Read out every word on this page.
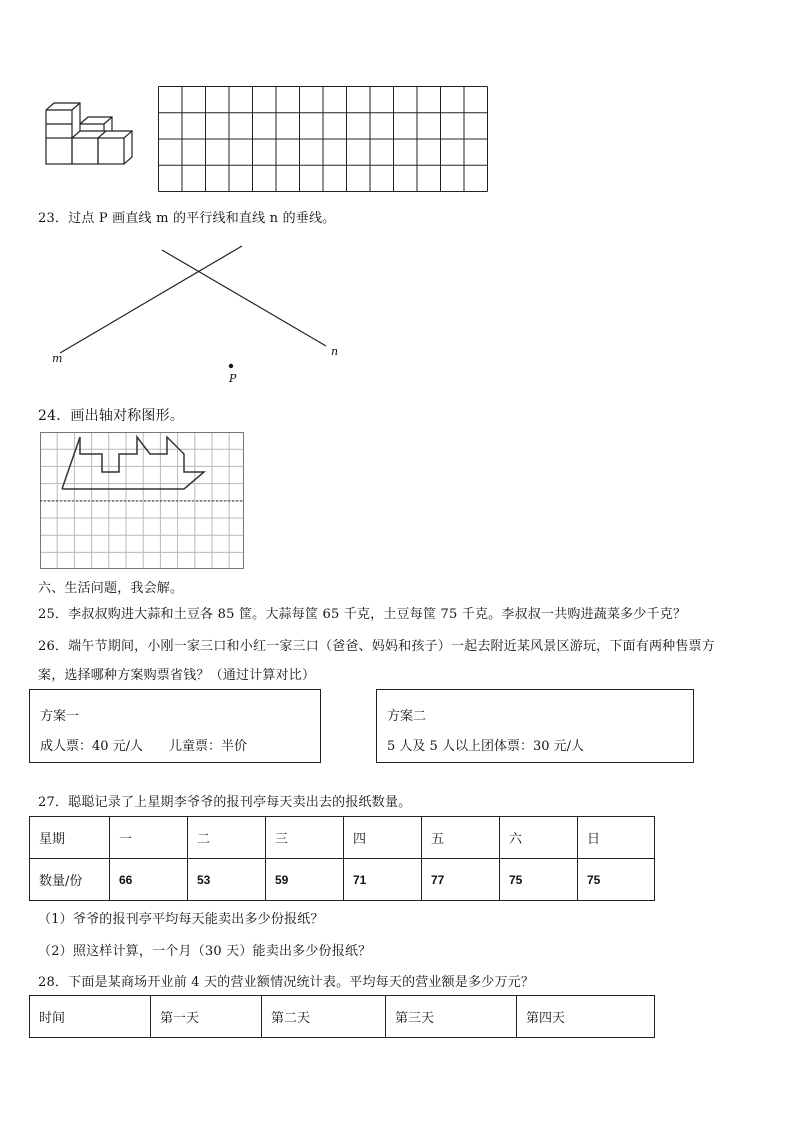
23．过点 P 画直线 m 的平行线和直线 n 的垂线。
m
n
P
24．画出轴对称图形。
六、生活问题，我会解。
25．李叔叔购进大蒜和土豆各 85 筐。大蒜每筐 65 千克，土豆每筐 75 千克。李叔叔一共购进蔬菜多少千克？
26．端午节期间，小刚一家三口和小红一家三口（爸爸、妈妈和孩子）一起去附近某风景区游玩，下面有两种售票方
案，选择哪种方案购票省钱？（通过计算对比）
方案一
成人票：40 元/人　　儿童票：半价
方案二
5 人及 5 人以上团体票：30 元/人
27．聪聪记录了上星期李爷爷的报刊亭每天卖出去的报纸数量。
星期	一	二	三	四	五	六	日
数量/份	66	53	59	71	77	75	75
（1）爷爷的报刊亭平均每天能卖出多少份报纸？
（2）照这样计算，一个月（30 天）能卖出多少份报纸？
28．下面是某商场开业前 4 天的营业额情况统计表。平均每天的营业额是多少万元？
时间	第一天	第二天	第三天	第四天
